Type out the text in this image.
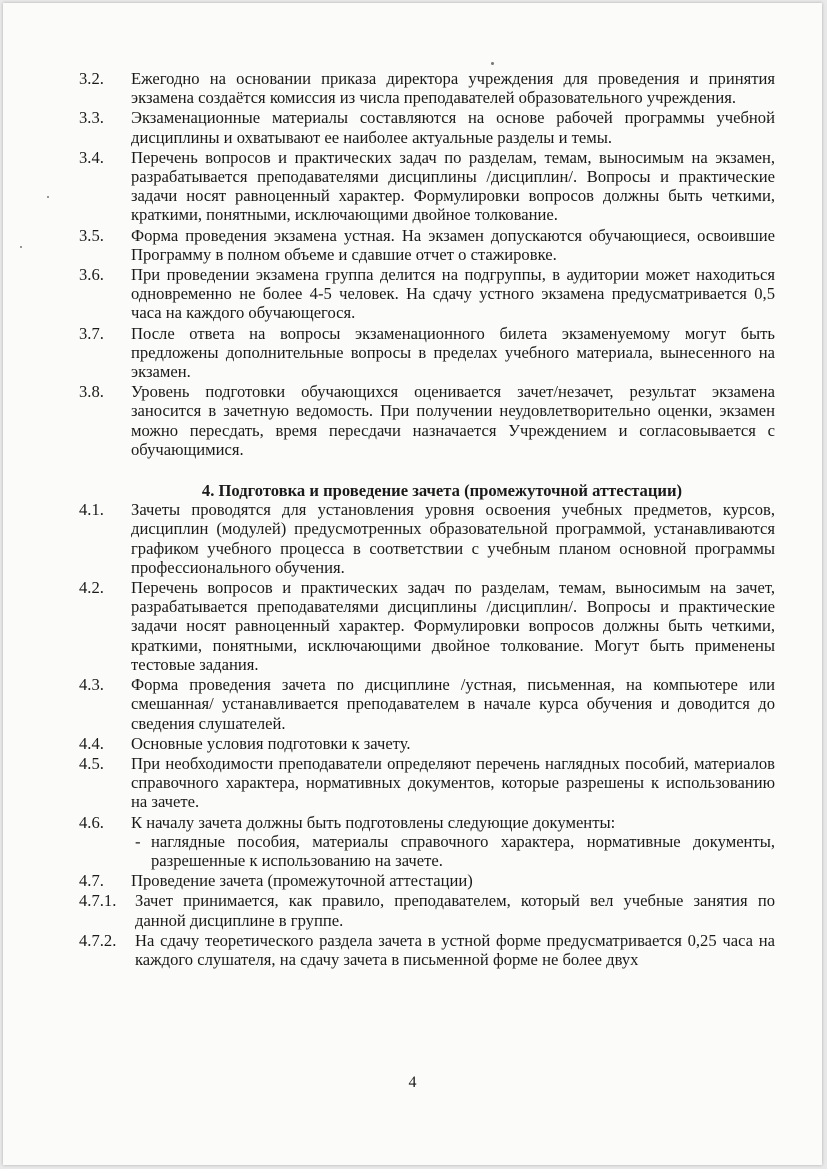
3.2. Ежегодно на основании приказа директора учреждения для проведения и принятия экзамена создаётся комиссия из числа преподавателей образовательного учреждения.
3.3. Экзаменационные материалы составляются на основе рабочей программы учебной дисциплины и охватывают ее наиболее актуальные разделы и темы.
3.4. Перечень вопросов и практических задач по разделам, темам, выносимым на экзамен, разрабатывается преподавателями дисциплины /дисциплин/. Вопросы и практические задачи носят равноценный характер. Формулировки вопросов должны быть четкими, краткими, понятными, исключающими двойное толкование.
3.5. Форма проведения экзамена устная. На экзамен допускаются обучающиеся, освоившие Программу в полном объеме и сдавшие отчет о стажировке.
3.6. При проведении экзамена группа делится на подгруппы, в аудитории может находиться одновременно не более 4-5 человек. На сдачу устного экзамена предусматривается 0,5 часа на каждого обучающегося.
3.7. После ответа на вопросы экзаменационного билета экзаменуемому могут быть предложены дополнительные вопросы в пределах учебного материала, вынесенного на экзамен.
3.8. Уровень подготовки обучающихся оценивается зачет/незачет, результат экзамена заносится в зачетную ведомость. При получении неудовлетворительно оценки, экзамен можно пересдать, время пересдачи назначается Учреждением и согласовывается с обучающимися.
4. Подготовка и проведение зачета (промежуточной аттестации)
4.1. Зачеты проводятся для установления уровня освоения учебных предметов, курсов, дисциплин (модулей) предусмотренных образовательной программой, устанавливаются графиком учебного процесса в соответствии с учебным планом основной программы профессионального обучения.
4.2. Перечень вопросов и практических задач по разделам, темам, выносимым на зачет, разрабатывается преподавателями дисциплины /дисциплин/. Вопросы и практические задачи носят равноценный характер. Формулировки вопросов должны быть четкими, краткими, понятными, исключающими двойное толкование. Могут быть применены тестовые задания.
4.3. Форма проведения зачета по дисциплине /устная, письменная, на компьютере или смешанная/ устанавливается преподавателем в начале курса обучения и доводится до сведения слушателей.
4.4. Основные условия подготовки к зачету.
4.5. При необходимости преподаватели определяют перечень наглядных пособий, материалов справочного характера, нормативных документов, которые разрешены к использованию на зачете.
4.6. К началу зачета должны быть подготовлены следующие документы:
- наглядные пособия, материалы справочного характера, нормативные документы, разрешенные к использованию на зачете.
4.7. Проведение зачета (промежуточной аттестации)
4.7.1. Зачет принимается, как правило, преподавателем, который вел учебные занятия по данной дисциплине в группе.
4.7.2. На сдачу теоретического раздела зачета в устной форме предусматривается 0,25 часа на каждого слушателя, на сдачу зачета в письменной форме не более двух
4
